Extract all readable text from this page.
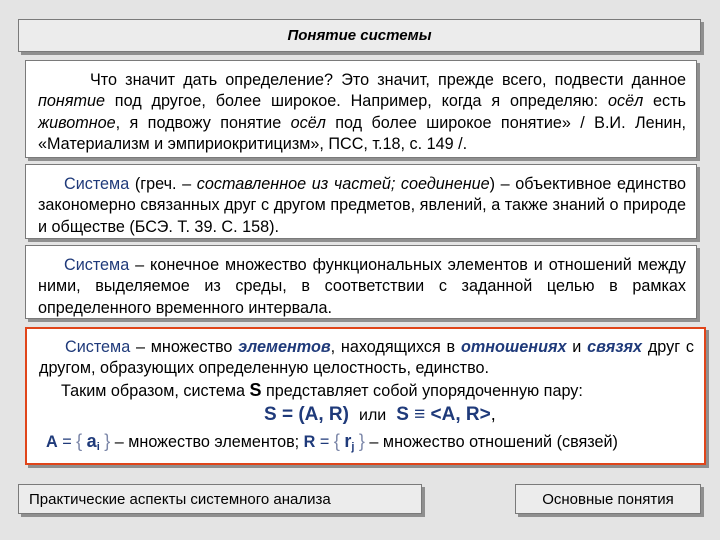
Понятие системы
Что значит дать определение? Это значит, прежде всего, подвести данное понятие под другое, более широкое. Например, когда я определяю: осёл есть животное, я подвожу понятие осёл под более широкое понятие» / В.И. Ленин, «Материализм и эмпириокритицизм», ПСС, т.18, с. 149 /.
Система (греч. – составленное из частей; соединение) – объективное единство закономерно связанных друг с другом предметов, явлений, а также знаний о природе и обществе (БСЭ. Т. 39. С. 158).
Система – конечное множество функциональных элементов и отношений между ними, выделяемое из среды, в соответствии с заданной целью в рамках определенного временного интервала.
Система – множество элементов, находящихся в отношениях и связях друг с другом, образующих определенную целостность, единство.
Таким образом, система S представляет собой упорядоченную пару:
S = (A, R) или S ≡ <A, R>,
A = { $a_i$ } – множество элементов; R = { $r_j$ } – множество отношений (связей)
Практические аспекты системного анализа	Основные понятия
